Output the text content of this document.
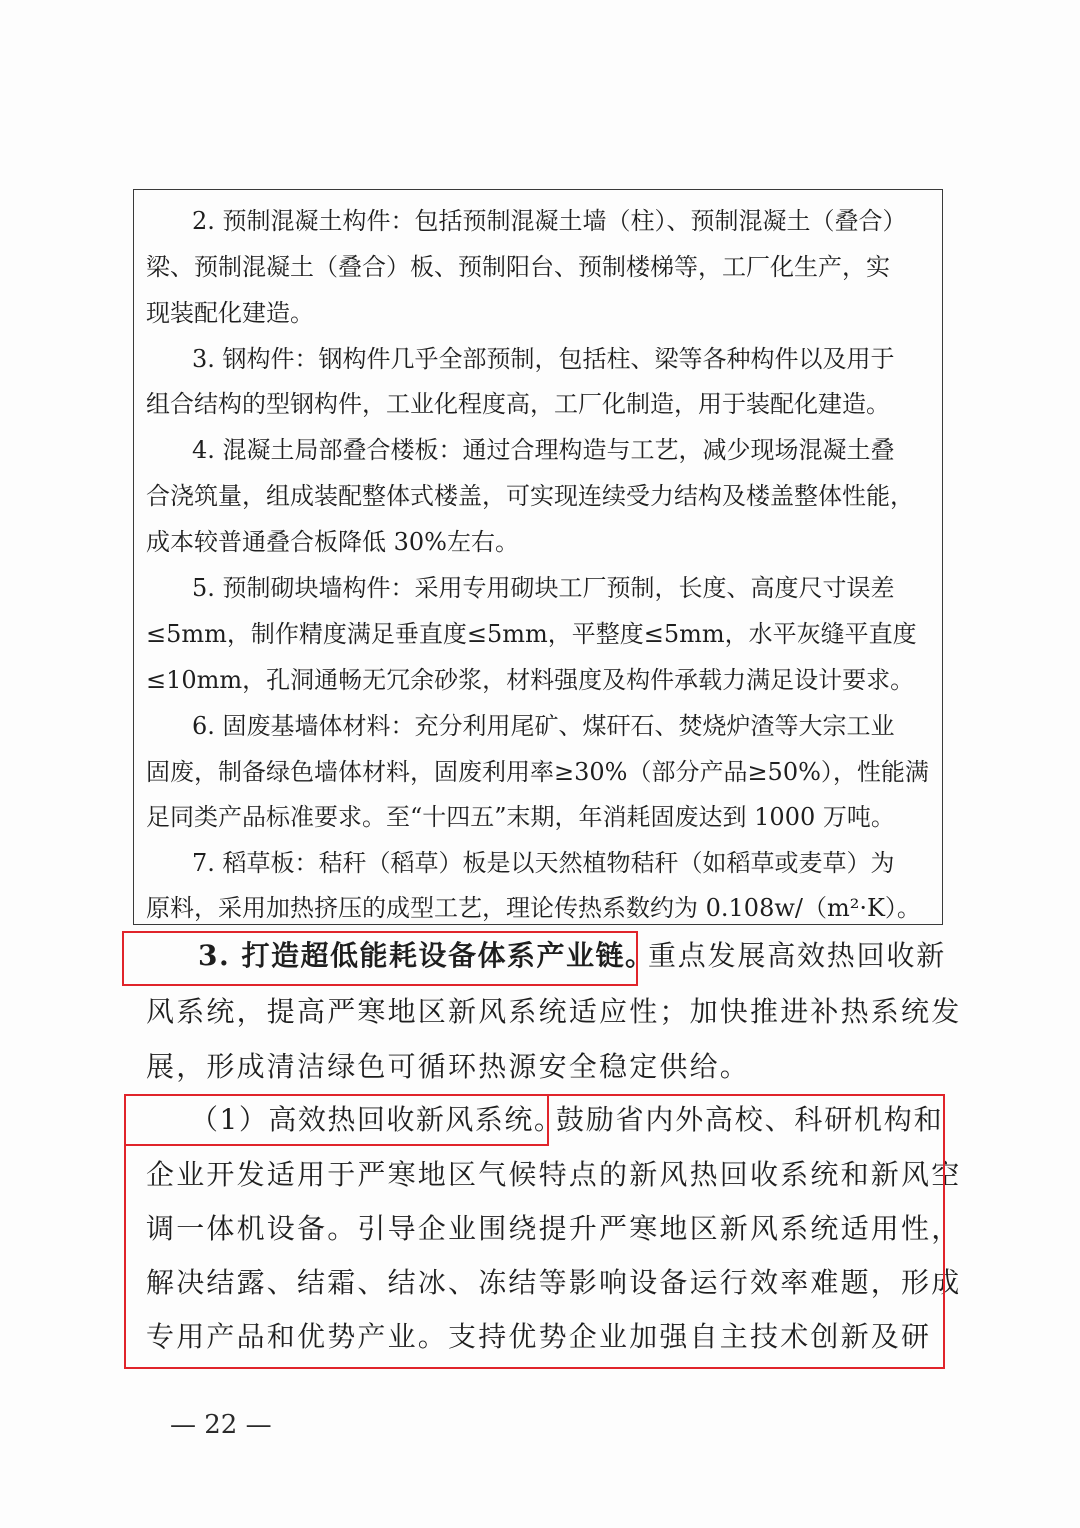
2. 预制混凝土构件：包括预制混凝土墙（柱）、预制混凝土（叠合）
梁、预制混凝土（叠合）板、预制阳台、预制楼梯等，工厂化生产，实
现装配化建造。
3. 钢构件：钢构件几乎全部预制，包括柱、梁等各种构件以及用于
组合结构的型钢构件，工业化程度高，工厂化制造，用于装配化建造。
4. 混凝土局部叠合楼板：通过合理构造与工艺，减少现场混凝土叠
合浇筑量，组成装配整体式楼盖，可实现连续受力结构及楼盖整体性能，
成本较普通叠合板降低 30%左右。
5. 预制砌块墙构件：采用专用砌块工厂预制，长度、高度尺寸误差
≤5mm，制作精度满足垂直度≤5mm，平整度≤5mm，水平灰缝平直度
≤10mm，孔洞通畅无冗余砂浆，材料强度及构件承载力满足设计要求。
6. 固废基墙体材料：充分利用尾矿、煤矸石、焚烧炉渣等大宗工业
固废，制备绿色墙体材料，固废利用率≥30%（部分产品≥50%），性能满
足同类产品标准要求。至“十四五”末期，年消耗固废达到 1000 万吨。
7. 稻草板：秸秆（稻草）板是以天然植物秸秆（如稻草或麦草）为
原料，采用加热挤压的成型工艺，理论传热系数约为 0.108w/（m²·K）。
3. 打造超低能耗设备体系产业链。
重点发展高效热回收新
风系统，提高严寒地区新风系统适应性；加快推进补热系统发
展，形成清洁绿色可循环热源安全稳定供给。
（1）高效热回收新风系统。
鼓励省内外高校、科研机构和
企业开发适用于严寒地区气候特点的新风热回收系统和新风空
调一体机设备。引导企业围绕提升严寒地区新风系统适用性，
解决结露、结霜、结冰、冻结等影响设备运行效率难题，形成
专用产品和优势产业。支持优势企业加强自主技术创新及研
— 22 —
